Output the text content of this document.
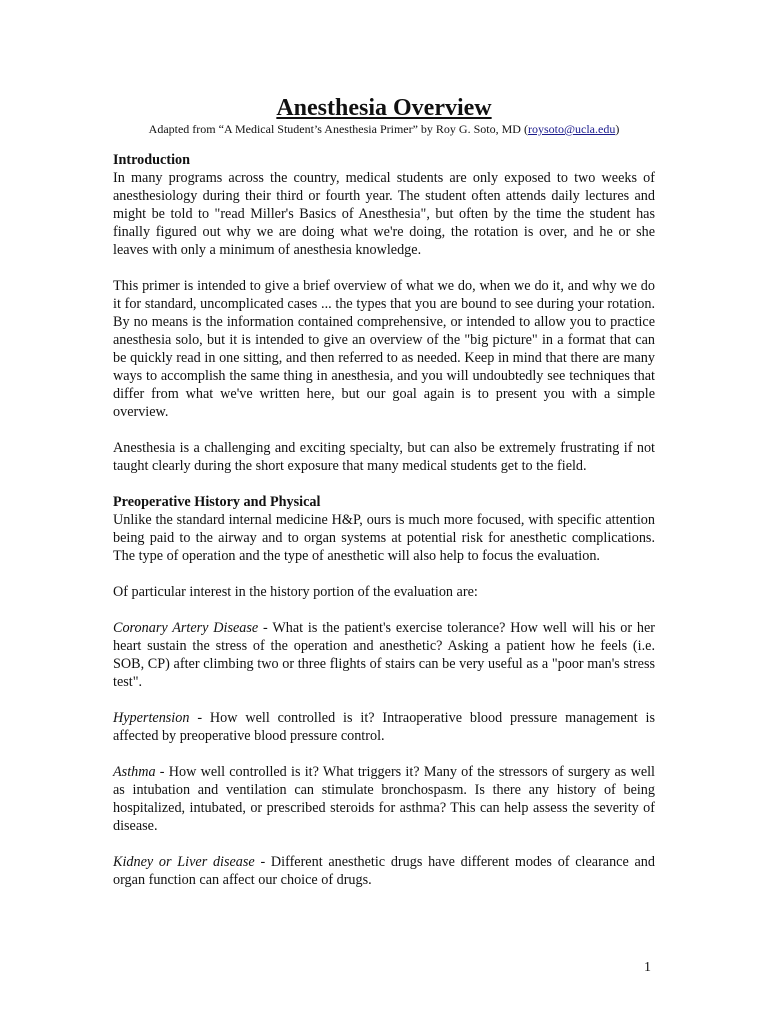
Anesthesia Overview
Adapted from “A Medical Student’s Anesthesia Primer” by Roy G. Soto, MD (roysoto@ucla.edu)
Introduction

In many programs across the country, medical students are only exposed to two weeks of anesthesiology during their third or fourth year. The student often attends daily lectures and might be told to "read Miller's Basics of Anesthesia", but often by the time the student has finally figured out why we are doing what we're doing, the rotation is over, and he or she leaves with only a minimum of anesthesia knowledge.

This primer is intended to give a brief overview of what we do, when we do it, and why we do it for standard, uncomplicated cases ... the types that you are bound to see during your rotation. By no means is the information contained comprehensive, or intended to allow you to practice anesthesia solo, but it is intended to give an overview of the "big picture" in a format that can be quickly read in one sitting, and then referred to as needed. Keep in mind that there are many ways to accomplish the same thing in anesthesia, and you will undoubtedly see techniques that differ from what we've written here, but our goal again is to present you with a simple overview.

Anesthesia is a challenging and exciting specialty, but can also be extremely frustrating if not taught clearly during the short exposure that many medical students get to the field.

Preoperative History and Physical

Unlike the standard internal medicine H&P, ours is much more focused, with specific attention being paid to the airway and to organ systems at potential risk for anesthetic complications. The type of operation and the type of anesthetic will also help to focus the evaluation.

Of particular interest in the history portion of the evaluation are:

Coronary Artery Disease - What is the patient's exercise tolerance? How well will his or her heart sustain the stress of the operation and anesthetic? Asking a patient how he feels (i.e. SOB, CP) after climbing two or three flights of stairs can be very useful as a "poor man's stress test".

Hypertension - How well controlled is it? Intraoperative blood pressure management is affected by preoperative blood pressure control.

Asthma - How well controlled is it? What triggers it? Many of the stressors of surgery as well as intubation and ventilation can stimulate bronchospasm. Is there any history of being hospitalized, intubated, or prescribed steroids for asthma? This can help assess the severity of disease.

Kidney or Liver disease - Different anesthetic drugs have different modes of clearance and organ function can affect our choice of drugs.

1
